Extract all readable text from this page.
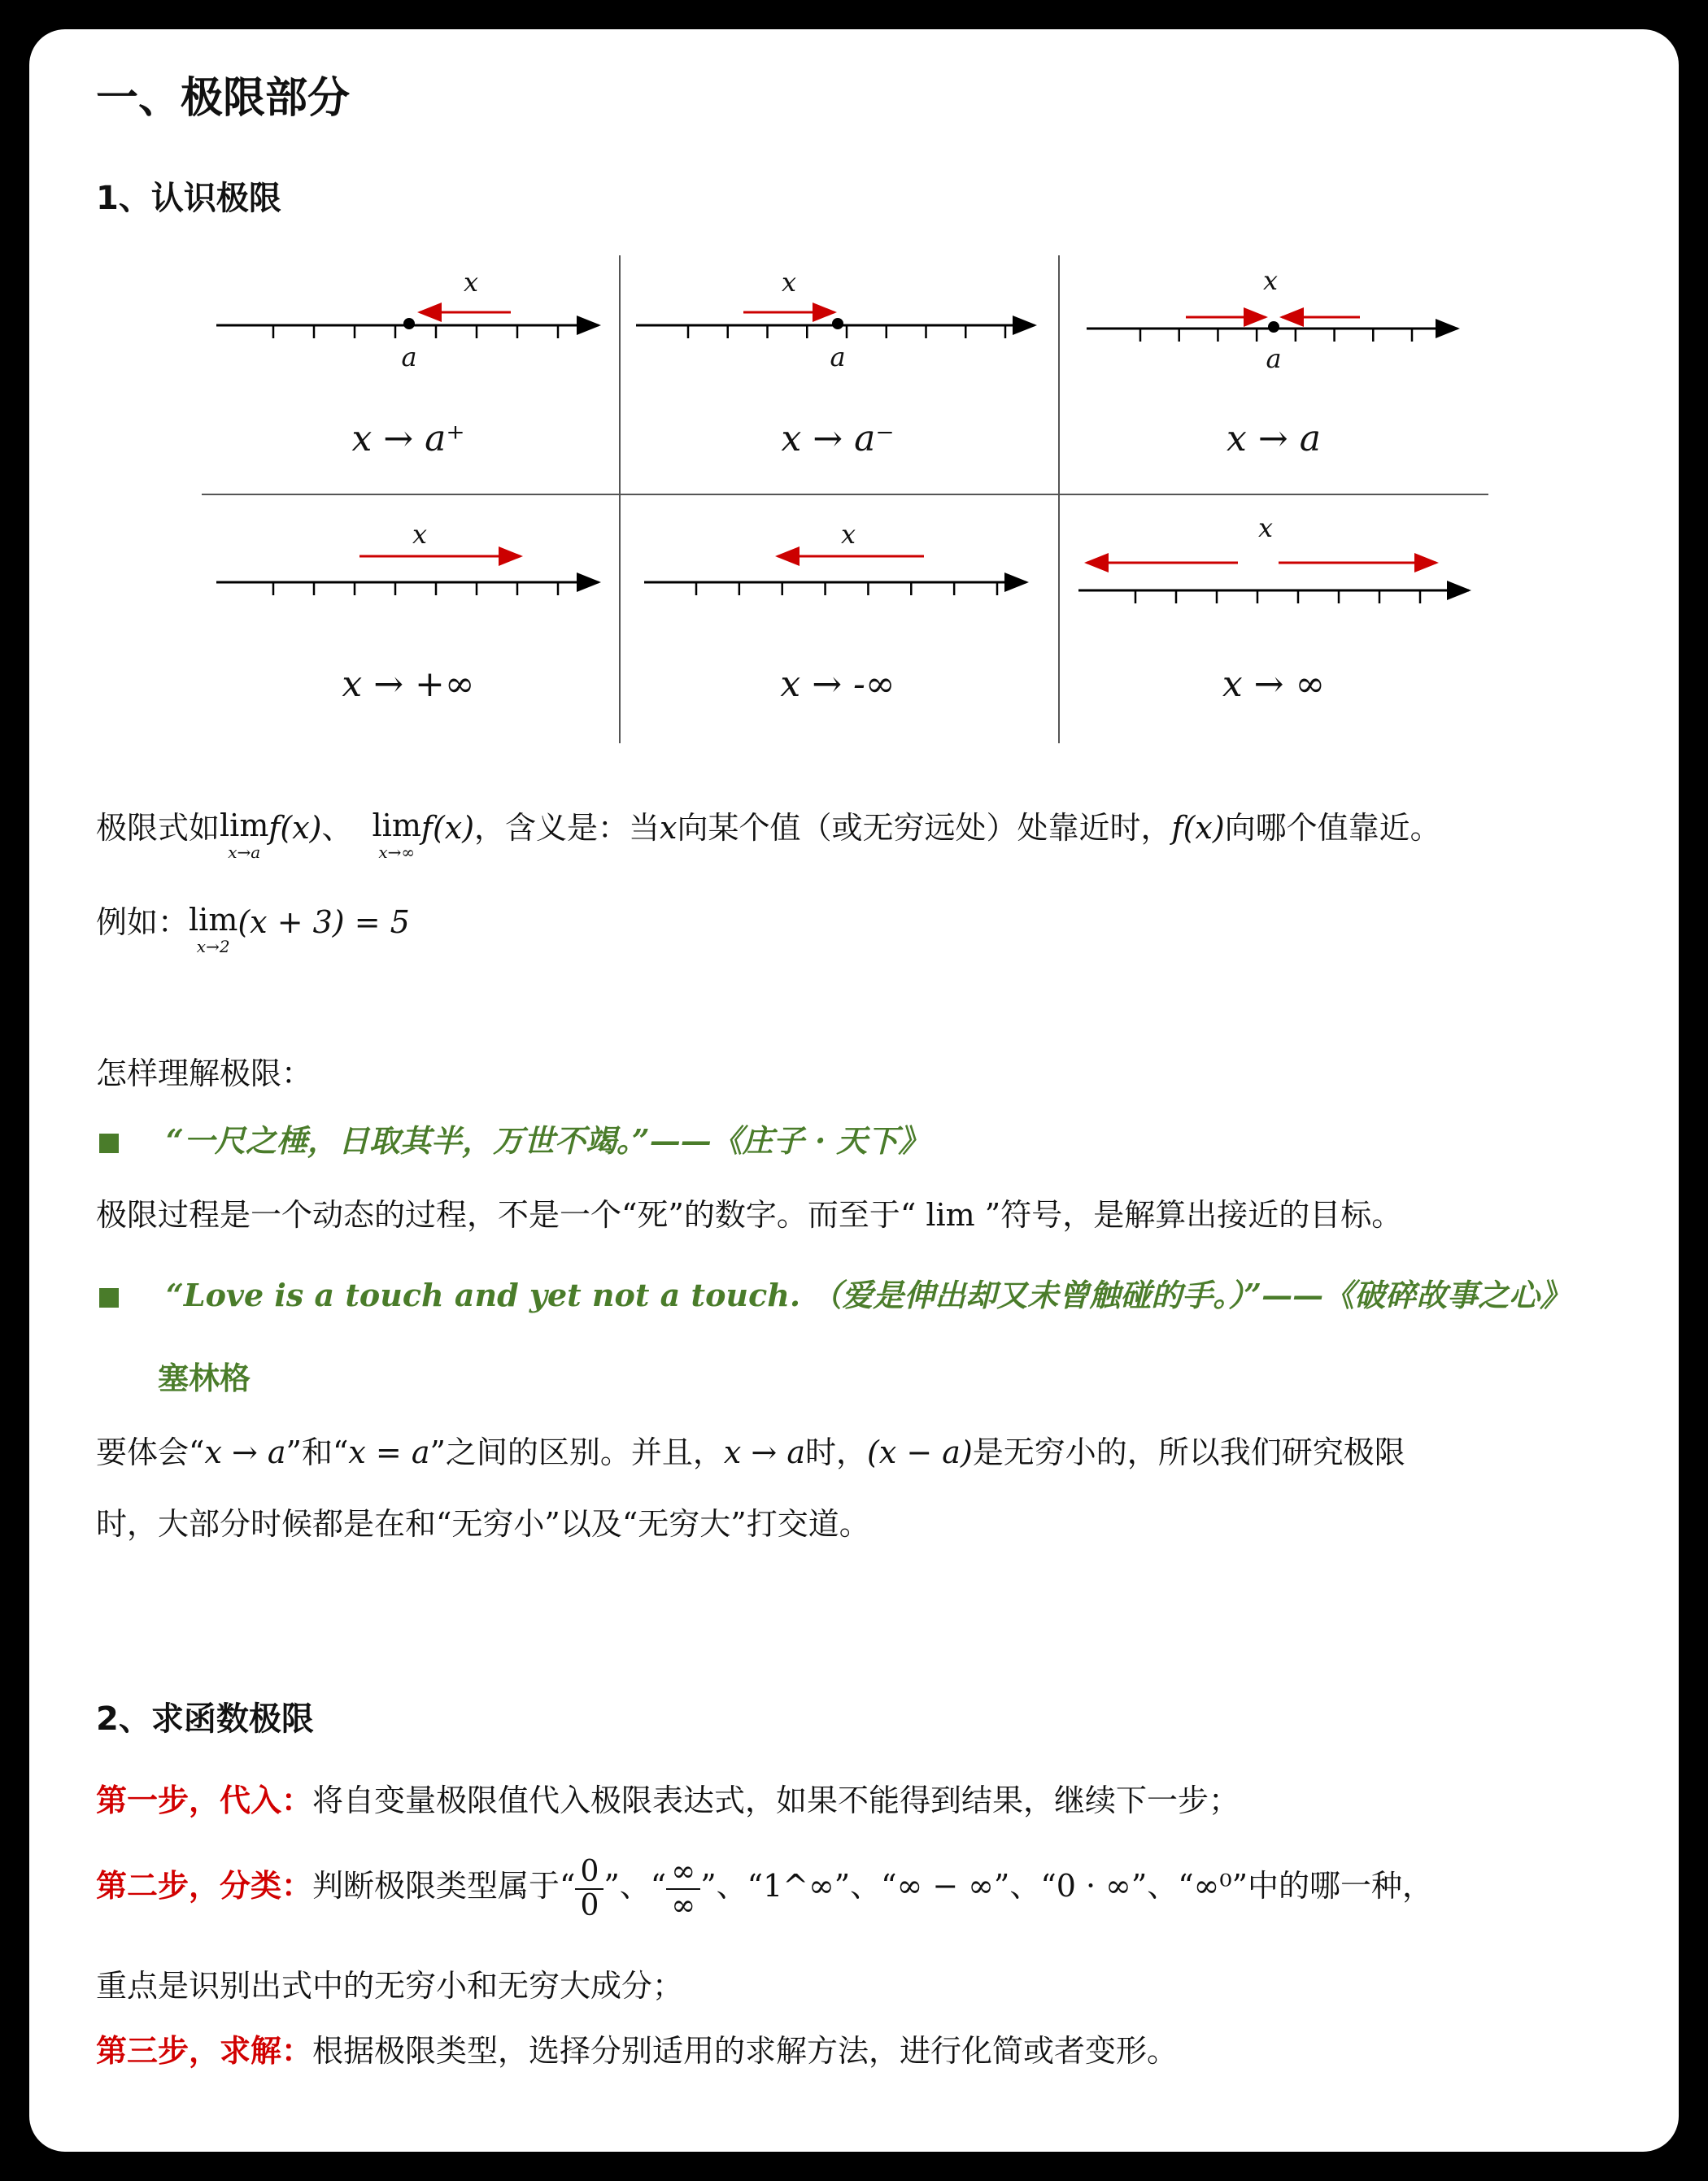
一、极限部分
1、认识极限
x	x	x
x	x	x
a	a	a
x → a⁺	x → a⁻	x → a
x → +∞	x → -∞	x → ∞
极限式如 lim
x→a
f(x)、 lim
x→∞
f(x)，含义是：当x向某个值（或无穷远处）处靠近时，f(x)向哪个值靠近。
例如： lim
x→2
(x + 3) = 5
怎样理解极限：
“一尺之棰，日取其半，万世不竭。”——《庄子 · 天下》
极限过程是一个动态的过程，不是一个“死”的数字。而至于“ lim ”符号，是解算出接近的目标。
“Love is a touch and yet not a touch. （爱是伸出却又未曾触碰的手。）”——《破碎故事之心》
塞林格
要体会“x → a”和“x = a”之间的区别。并且，x → a时，(x − a)是无穷小的，所以我们研究极限
时，大部分时候都是在和“无穷小”以及“无穷大”打交道。
2、求函数极限
第一步，代入：将自变量极限值代入极限表达式，如果不能得到结果，继续下一步；
第二步，分类：判断极限类型属于“ $\frac{0}{0}$ ”、“ $\frac{\infty}{\infty}$ ”、“1^∞”、“∞ − ∞”、“0 · ∞”、“∞⁰”中的哪一种，
重点是识别出式中的无穷小和无穷大成分；
第三步，求解：根据极限类型，选择分别适用的求解方法，进行化简或者变形。
